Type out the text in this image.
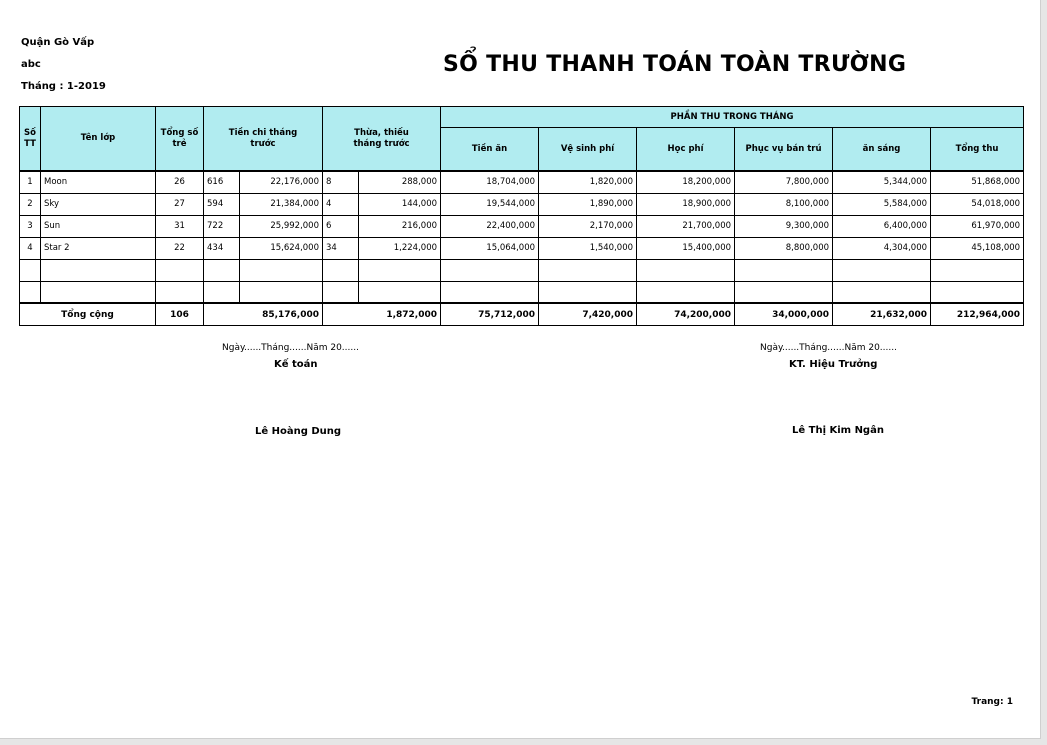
Quận Gò Vấp
abc
Tháng : 1-2019
SỔ THU THANH TOÁN TOÀN TRƯỜNG
Số TT	Tên lớp	Tổng số trẻ	Tiền chi tháng trước		Thừa, thiếu tháng trước		PHẦN THU TRONG THÁNG					
							Tiền ăn	Vệ sinh phí	Học phí	Phục vụ bán trú	ăn sáng	Tổng thu
1	Moon	26	616	22,176,000	8	288,000	18,704,000	1,820,000	18,200,000	7,800,000	5,344,000	51,868,000
2	Sky	27	594	21,384,000	4	144,000	19,544,000	1,890,000	18,900,000	8,100,000	5,584,000	54,018,000
3	Sun	31	722	25,992,000	6	216,000	22,400,000	2,170,000	21,700,000	9,300,000	6,400,000	61,970,000
4	Star 2	22	434	15,624,000	34	1,224,000	15,064,000	1,540,000	15,400,000	8,800,000	4,304,000	45,108,000

Tổng cộng		106	85,176,000		1,872,000		75,712,000	7,420,000	74,200,000	34,000,000	21,632,000	212,964,000
Ngày......Tháng......Năm 20......
Kế toán
Lê Hoàng Dung
Ngày......Tháng......Năm 20......
KT. Hiệu Trưởng
Lê Thị Kim Ngân
Trang: 1
